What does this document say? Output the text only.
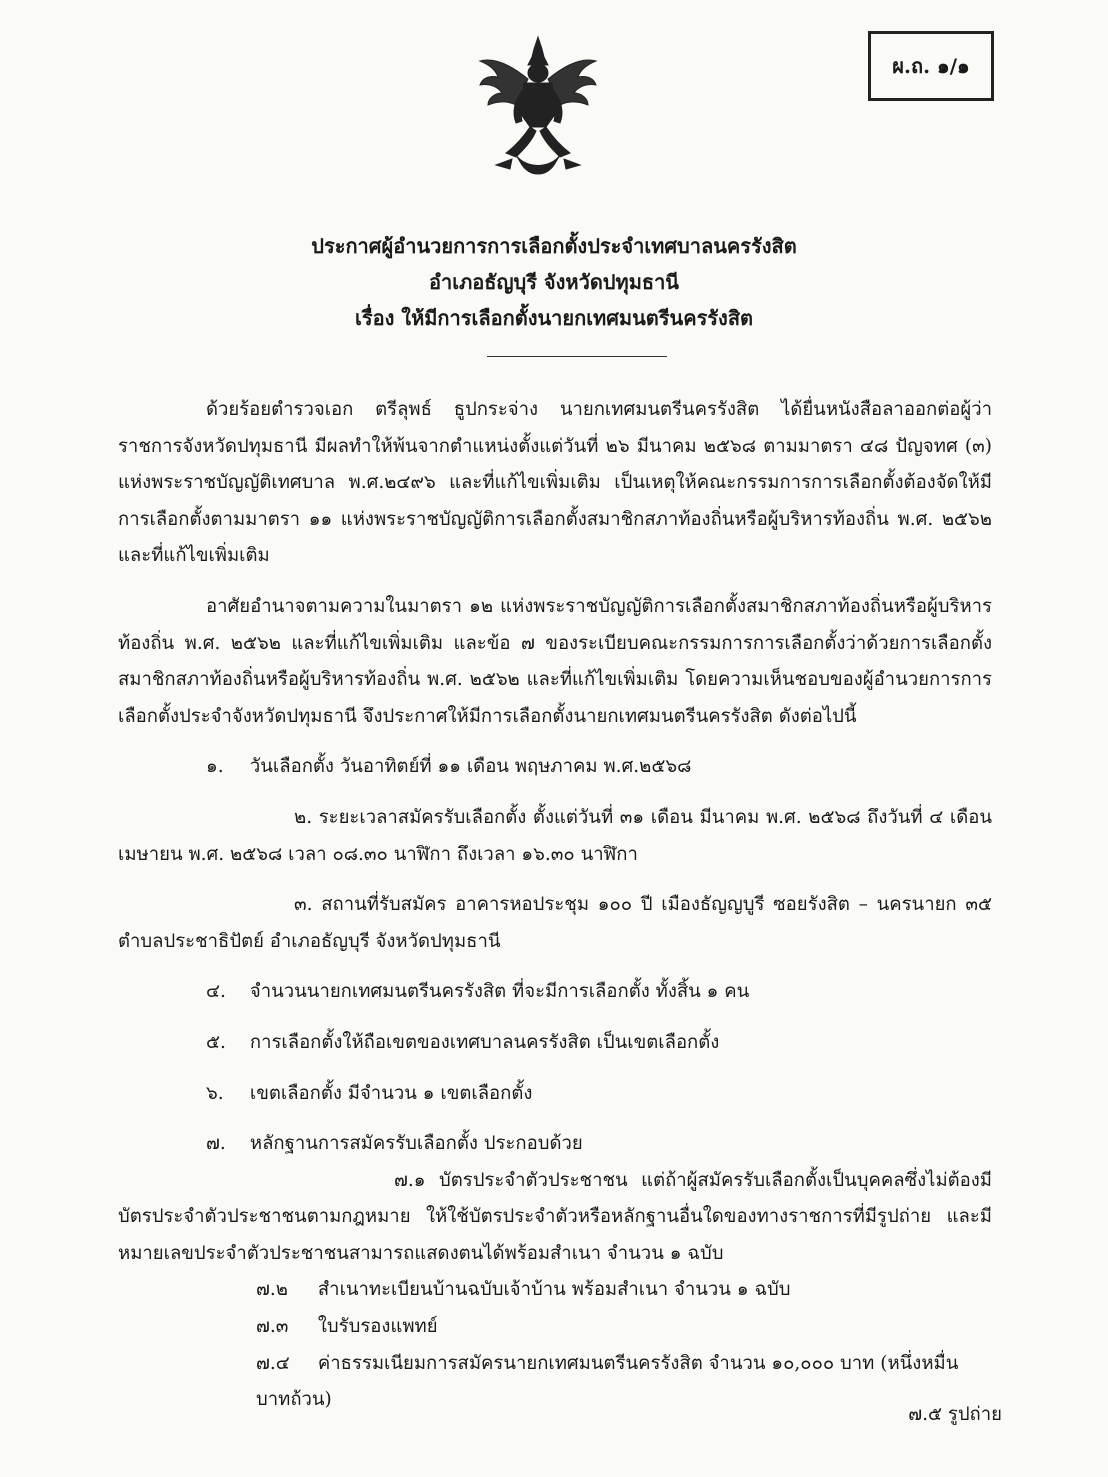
ผ.ถ. ๑/๑
ประกาศผู้อำนวยการการเลือกตั้งประจำเทศบาลนครรังสิต
อำเภอธัญบุรี จังหวัดปทุมธานี
เรื่อง ให้มีการเลือกตั้งนายกเทศมนตรีนครรังสิต

ด้วยร้อยตำรวจเอก ตรีลุพธ์ ธูปกระจ่าง นายกเทศมนตรีนครรังสิต ได้ยื่นหนังสือลาออกต่อผู้ว่าราชการจังหวัดปทุมธานี มีผลทำให้พ้นจากตำแหน่งตั้งแต่วันที่ ๒๖ มีนาคม ๒๕๖๘ ตามมาตรา ๔๘ ปัญจทศ (๓) แห่งพระราชบัญญัติเทศบาล พ.ศ.๒๔๙๖ และที่แก้ไขเพิ่มเติม เป็นเหตุให้คณะกรรมการการเลือกตั้งต้องจัดให้มีการเลือกตั้งตามมาตรา ๑๑ แห่งพระราชบัญญัติการเลือกตั้งสมาชิกสภาท้องถิ่นหรือผู้บริหารท้องถิ่น พ.ศ. ๒๕๖๒ และที่แก้ไขเพิ่มเติม

อาศัยอำนาจตามความในมาตรา ๑๒ แห่งพระราชบัญญัติการเลือกตั้งสมาชิกสภาท้องถิ่นหรือผู้บริหารท้องถิ่น พ.ศ. ๒๕๖๒ และที่แก้ไขเพิ่มเติม และข้อ ๗ ของระเบียบคณะกรรมการการเลือกตั้งว่าด้วยการเลือกตั้งสมาชิกสภาท้องถิ่นหรือผู้บริหารท้องถิ่น พ.ศ. ๒๕๖๒ และที่แก้ไขเพิ่มเติม โดยความเห็นชอบของผู้อำนวยการการเลือกตั้งประจำจังหวัดปทุมธานี จึงประกาศให้มีการเลือกตั้งนายกเทศมนตรีนครรังสิต ดังต่อไปนี้

๑. วันเลือกตั้ง วันอาทิตย์ที่ ๑๑ เดือน พฤษภาคม พ.ศ.๒๕๖๘

๒. ระยะเวลาสมัครรับเลือกตั้ง ตั้งแต่วันที่ ๓๑ เดือน มีนาคม พ.ศ. ๒๕๖๘ ถึงวันที่ ๔ เดือน เมษายน พ.ศ. ๒๕๖๘ เวลา ๐๘.๓๐ นาฬิกา ถึงเวลา ๑๖.๓๐ นาฬิกา

๓. สถานที่รับสมัคร อาคารหอประชุม ๑๐๐ ปี เมืองธัญญบูรี ซอยรังสิต – นครนายก ๓๕ ตำบลประชาธิปัตย์ อำเภอธัญบุรี จังหวัดปทุมธานี

๔. จำนวนนายกเทศมนตรีนครรังสิต ที่จะมีการเลือกตั้ง ทั้งสิ้น ๑ คน

๕. การเลือกตั้งให้ถือเขตของเทศบาลนครรังสิต เป็นเขตเลือกตั้ง

๖. เขตเลือกตั้ง มีจำนวน ๑ เขตเลือกตั้ง

๗. หลักฐานการสมัครรับเลือกตั้ง ประกอบด้วย

๗.๑ บัตรประจำตัวประชาชน แต่ถ้าผู้สมัครรับเลือกตั้งเป็นบุคคลซึ่งไม่ต้องมีบัตรประจำตัวประชาชนตามกฎหมาย ให้ใช้บัตรประจำตัวหรือหลักฐานอื่นใดของทางราชการที่มีรูปถ่าย และมีหมายเลขประจำตัวประชาชนสามารถแสดงตนได้พร้อมสำเนา จำนวน ๑ ฉบับ

๗.๒ สำเนาทะเบียนบ้านฉบับเจ้าบ้าน พร้อมสำเนา จำนวน ๑ ฉบับ

๗.๓ ใบรับรองแพทย์

๗.๔ ค่าธรรมเนียมการสมัครนายกเทศมนตรีนครรังสิต จำนวน ๑๐,๐๐๐ บาท (หนึ่งหมื่นบาทถ้วน)

๗.๕ รูปถ่าย
